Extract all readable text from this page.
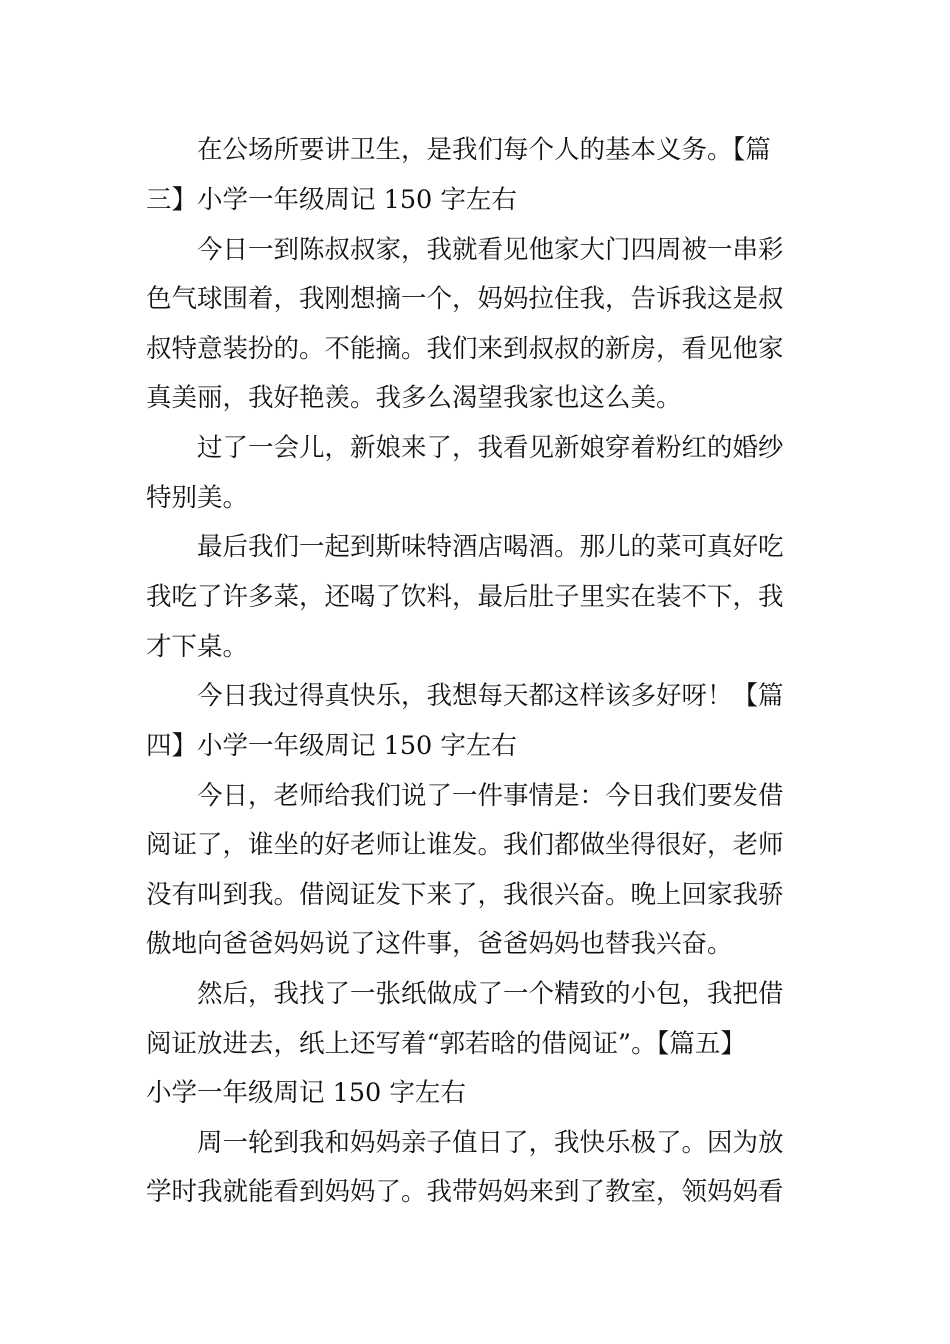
在公场所要讲卫生，是我们每个人的基本义务。【篇
三】小学一年级周记 150 字左右
今日一到陈叔叔家，我就看见他家大门四周被一串彩
色气球围着，我刚想摘一个，妈妈拉住我，告诉我这是叔
叔特意装扮的。不能摘。我们来到叔叔的新房，看见他家
真美丽，我好艳羡。我多么渴望我家也这么美。
过了一会儿，新娘来了，我看见新娘穿着粉红的婚纱
特别美。
最后我们一起到斯味特酒店喝酒。那儿的菜可真好吃
我吃了许多菜，还喝了饮料，最后肚子里实在装不下，我
才下桌。
今日我过得真快乐，我想每天都这样该多好呀！【篇
四】小学一年级周记 150 字左右
今日，老师给我们说了一件事情是：今日我们要发借
阅证了，谁坐的好老师让谁发。我们都做坐得很好，老师
没有叫到我。借阅证发下来了，我很兴奋。晚上回家我骄
傲地向爸爸妈妈说了这件事，爸爸妈妈也替我兴奋。
然后，我找了一张纸做成了一个精致的小包，我把借
阅证放进去，纸上还写着“郭若晗的借阅证”。【篇五】
小学一年级周记 150 字左右
周一轮到我和妈妈亲子值日了，我快乐极了。因为放
学时我就能看到妈妈了。我带妈妈来到了教室，领妈妈看
